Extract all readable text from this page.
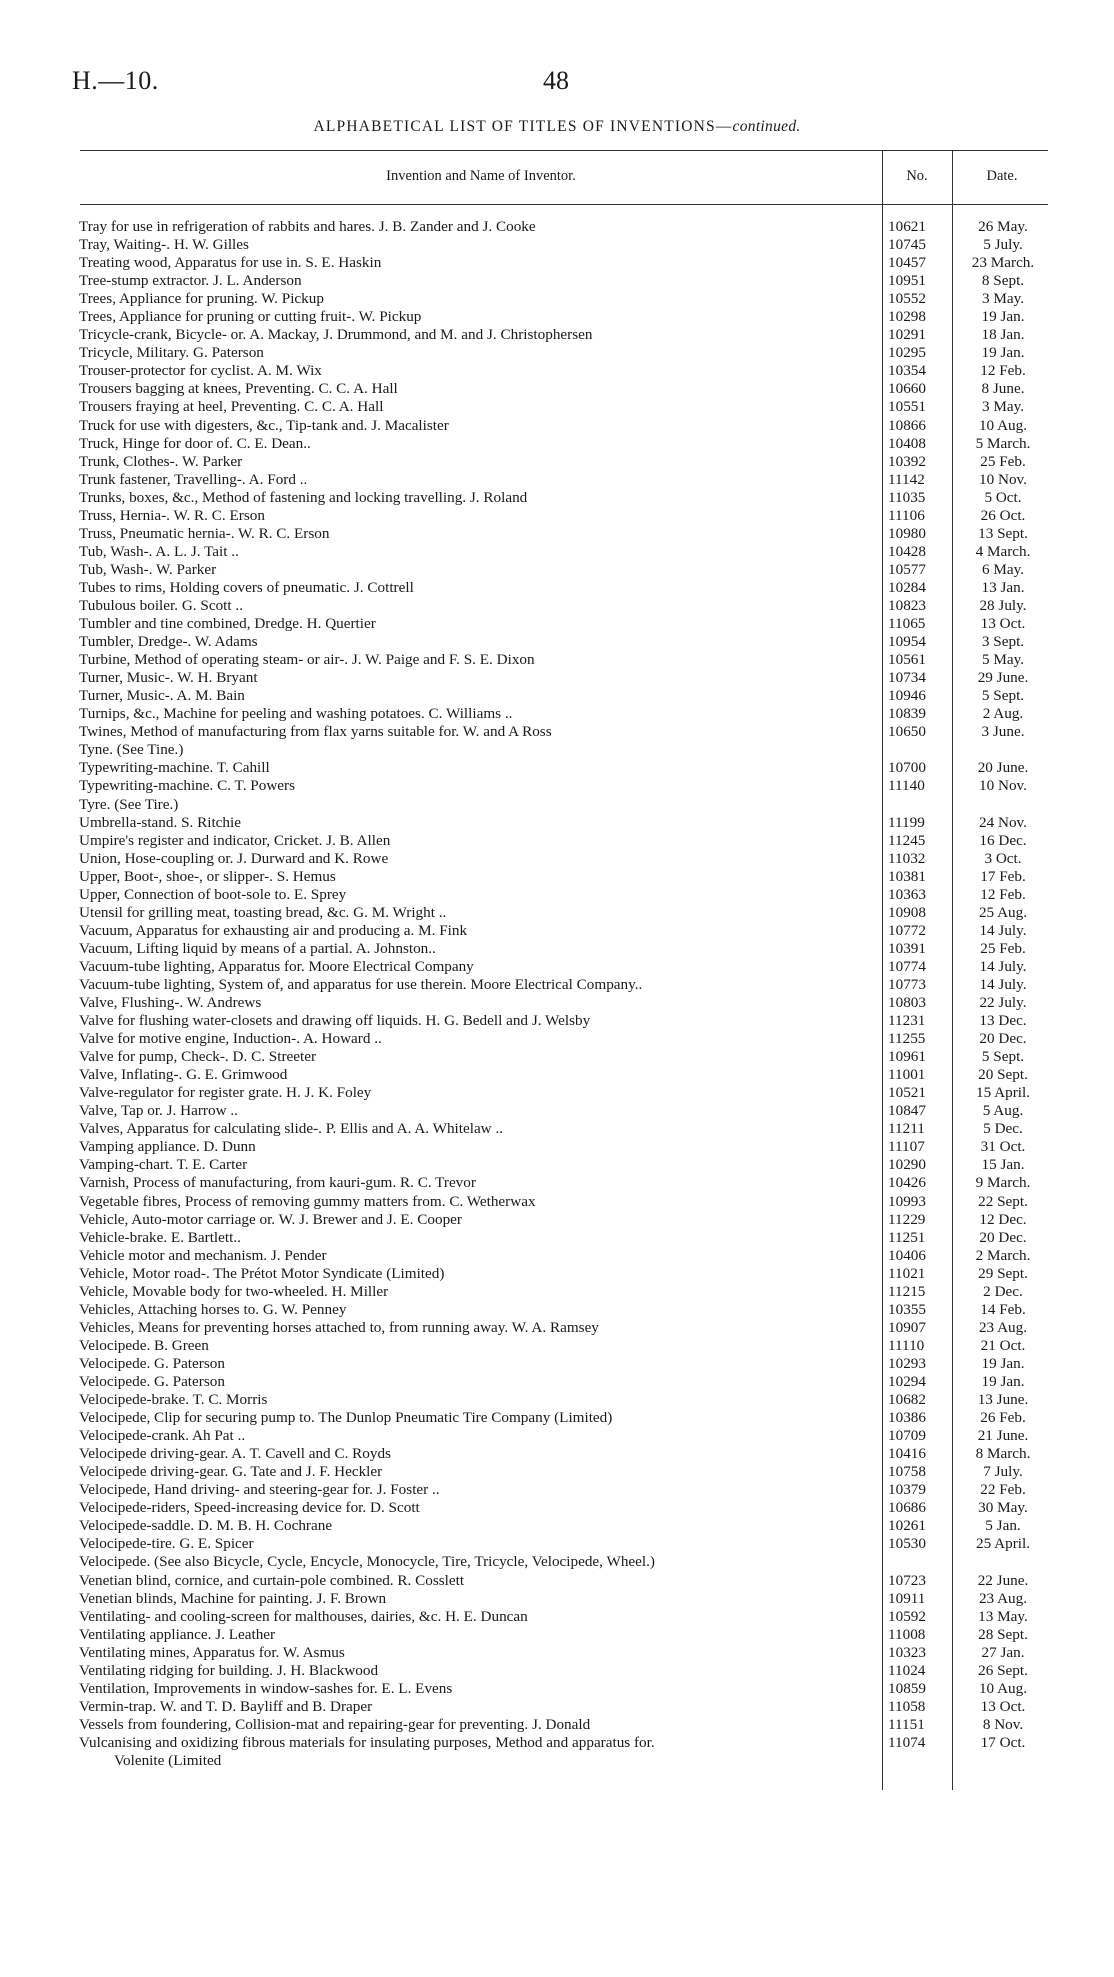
H.—10.	48
ALPHABETICAL LIST OF TITLES OF INVENTIONS—continued.
Invention and Name of Inventor.	No.	Date.
Tray for use in refrigeration of rabbits and hares. J. B. Zander and J. Cooke	10621	26 May.
Tray, Waiting-. H. W. Gilles	10745	5 July.
Treating wood, Apparatus for use in. S. E. Haskin	10457	23 March.
Tree-stump extractor. J. L. Anderson	10951	8 Sept.
Trees, Appliance for pruning. W. Pickup	10552	3 May.
Trees, Appliance for pruning or cutting fruit-. W. Pickup	10298	19 Jan.
Tricycle-crank, Bicycle- or. A. Mackay, J. Drummond, and M. and J. Christophersen	10291	18 Jan.
Tricycle, Military. G. Paterson	10295	19 Jan.
Trouser-protector for cyclist. A. M. Wix	10354	12 Feb.
Trousers bagging at knees, Preventing. C. C. A. Hall	10660	8 June.
Trousers fraying at heel, Preventing. C. C. A. Hall	10551	3 May.
Truck for use with digesters, &c., Tip-tank and. J. Macalister	10866	10 Aug.
Truck, Hinge for door of. C. E. Dean..	10408	5 March.
Trunk, Clothes-. W. Parker	10392	25 Feb.
Trunk fastener, Travelling-. A. Ford ..	11142	10 Nov.
Trunks, boxes, &c., Method of fastening and locking travelling. J. Roland	11035	5 Oct.
Truss, Hernia-. W. R. C. Erson	11106	26 Oct.
Truss, Pneumatic hernia-. W. R. C. Erson	10980	13 Sept.
Tub, Wash-. A. L. J. Tait ..	10428	4 March.
Tub, Wash-. W. Parker	10577	6 May.
Tubes to rims, Holding covers of pneumatic. J. Cottrell	10284	13 Jan.
Tubulous boiler. G. Scott ..	10823	28 July.
Tumbler and tine combined, Dredge. H. Quertier	11065	13 Oct.
Tumbler, Dredge-. W. Adams	10954	3 Sept.
Turbine, Method of operating steam- or air-. J. W. Paige and F. S. E. Dixon	10561	5 May.
Turner, Music-. W. H. Bryant	10734	29 June.
Turner, Music-. A. M. Bain	10946	5 Sept.
Turnips, &c., Machine for peeling and washing potatoes. C. Williams ..	10839	2 Aug.
Twines, Method of manufacturing from flax yarns suitable for. W. and A Ross	10650	3 June.
Tyne. (See Tine.)
Typewriting-machine. T. Cahill	10700	20 June.
Typewriting-machine. C. T. Powers	11140	10 Nov.
Tyre. (See Tire.)
Umbrella-stand. S. Ritchie	11199	24 Nov.
Umpire's register and indicator, Cricket. J. B. Allen	11245	16 Dec.
Union, Hose-coupling or. J. Durward and K. Rowe	11032	3 Oct.
Upper, Boot-, shoe-, or slipper-. S. Hemus	10381	17 Feb.
Upper, Connection of boot-sole to. E. Sprey	10363	12 Feb.
Utensil for grilling meat, toasting bread, &c. G. M. Wright ..	10908	25 Aug.
Vacuum, Apparatus for exhausting air and producing a. M. Fink	10772	14 July.
Vacuum, Lifting liquid by means of a partial. A. Johnston..	10391	25 Feb.
Vacuum-tube lighting, Apparatus for. Moore Electrical Company	10774	14 July.
Vacuum-tube lighting, System of, and apparatus for use therein. Moore Electrical Company..	10773	14 July.
Valve, Flushing-. W. Andrews	10803	22 July.
Valve for flushing water-closets and drawing off liquids. H. G. Bedell and J. Welsby	11231	13 Dec.
Valve for motive engine, Induction-. A. Howard ..	11255	20 Dec.
Valve for pump, Check-. D. C. Streeter	10961	5 Sept.
Valve, Inflating-. G. E. Grimwood	11001	20 Sept.
Valve-regulator for register grate. H. J. K. Foley	10521	15 April.
Valve, Tap or. J. Harrow ..	10847	5 Aug.
Valves, Apparatus for calculating slide-. P. Ellis and A. A. Whitelaw ..	11211	5 Dec.
Vamping appliance. D. Dunn	11107	31 Oct.
Vamping-chart. T. E. Carter	10290	15 Jan.
Varnish, Process of manufacturing, from kauri-gum. R. C. Trevor	10426	9 March.
Vegetable fibres, Process of removing gummy matters from. C. Wetherwax	10993	22 Sept.
Vehicle, Auto-motor carriage or. W. J. Brewer and J. E. Cooper	11229	12 Dec.
Vehicle-brake. E. Bartlett..	11251	20 Dec.
Vehicle motor and mechanism. J. Pender	10406	2 March.
Vehicle, Motor road-. The Prétot Motor Syndicate (Limited)	11021	29 Sept.
Vehicle, Movable body for two-wheeled. H. Miller	11215	2 Dec.
Vehicles, Attaching horses to. G. W. Penney	10355	14 Feb.
Vehicles, Means for preventing horses attached to, from running away. W. A. Ramsey	10907	23 Aug.
Velocipede. B. Green	11110	21 Oct.
Velocipede. G. Paterson	10293	19 Jan.
Velocipede. G. Paterson	10294	19 Jan.
Velocipede-brake. T. C. Morris	10682	13 June.
Velocipede, Clip for securing pump to. The Dunlop Pneumatic Tire Company (Limited)	10386	26 Feb.
Velocipede-crank. Ah Pat ..	10709	21 June.
Velocipede driving-gear. A. T. Cavell and C. Royds	10416	8 March.
Velocipede driving-gear. G. Tate and J. F. Heckler	10758	7 July.
Velocipede, Hand driving- and steering-gear for. J. Foster ..	10379	22 Feb.
Velocipede-riders, Speed-increasing device for. D. Scott	10686	30 May.
Velocipede-saddle. D. M. B. H. Cochrane	10261	5 Jan.
Velocipede-tire. G. E. Spicer	10530	25 April.
Velocipede. (See also Bicycle, Cycle, Encycle, Monocycle, Tire, Tricycle, Velocipede, Wheel.)
Venetian blind, cornice, and curtain-pole combined. R. Cosslett	10723	22 June.
Venetian blinds, Machine for painting. J. F. Brown	10911	23 Aug.
Ventilating- and cooling-screen for malthouses, dairies, &c. H. E. Duncan	10592	13 May.
Ventilating appliance. J. Leather	11008	28 Sept.
Ventilating mines, Apparatus for. W. Asmus	10323	27 Jan.
Ventilating ridging for building. J. H. Blackwood	11024	26 Sept.
Ventilation, Improvements in window-sashes for. E. L. Evens	10859	10 Aug.
Vermin-trap. W. and T. D. Bayliff and B. Draper	11058	13 Oct.
Vessels from foundering, Collision-mat and repairing-gear for preventing. J. Donald	11151	8 Nov.
Vulcanising and oxidizing fibrous materials for insulating purposes, Method and apparatus for.	11074	17 Oct.
Volenite (Limited
